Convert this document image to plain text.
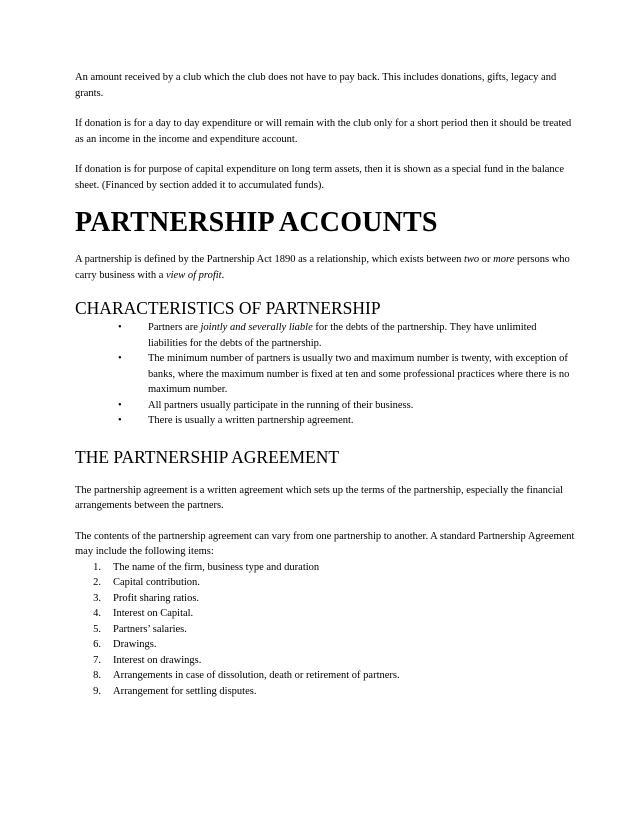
An amount received by a club which the club does not have to pay back. This includes donations, gifts, legacy and grants.

If donation is for a day to day expenditure or will remain with the club only for a short period then it should be treated as an income in the income and expenditure account.

If donation is for purpose of capital expenditure on long term assets, then it is shown as a special fund in the balance sheet. (Financed by section added it to accumulated funds).

PARTNERSHIP ACCOUNTS

A partnership is defined by the Partnership Act 1890 as a relationship, which exists between two or more persons who carry business with a view of profit.

CHARACTERISTICS OF PARTNERSHIP
•	Partners are jointly and severally liable for the debts of the partnership. They have unlimited liabilities for the debts of the partnership.
•	The minimum number of partners is usually two and maximum number is twenty, with exception of banks, where the maximum number is fixed at ten and some professional practices where there is no maximum number.
•	All partners usually participate in the running of their business.
•	There is usually a written partnership agreement.
THE PARTNERSHIP AGREEMENT

The partnership agreement is a written agreement which sets up the terms of the partnership, especially the financial arrangements between the partners.

The contents of the partnership agreement can vary from one partnership to another. A standard Partnership Agreement may include the following items:

1. The name of the firm, business type and duration
2. Capital contribution.
3. Profit sharing ratios.
4. Interest on Capital.
5. Partners’ salaries.
6. Drawings.
7. Interest on drawings.
8. Arrangements in case of dissolution, death or retirement of partners.
9. Arrangement for settling disputes.
